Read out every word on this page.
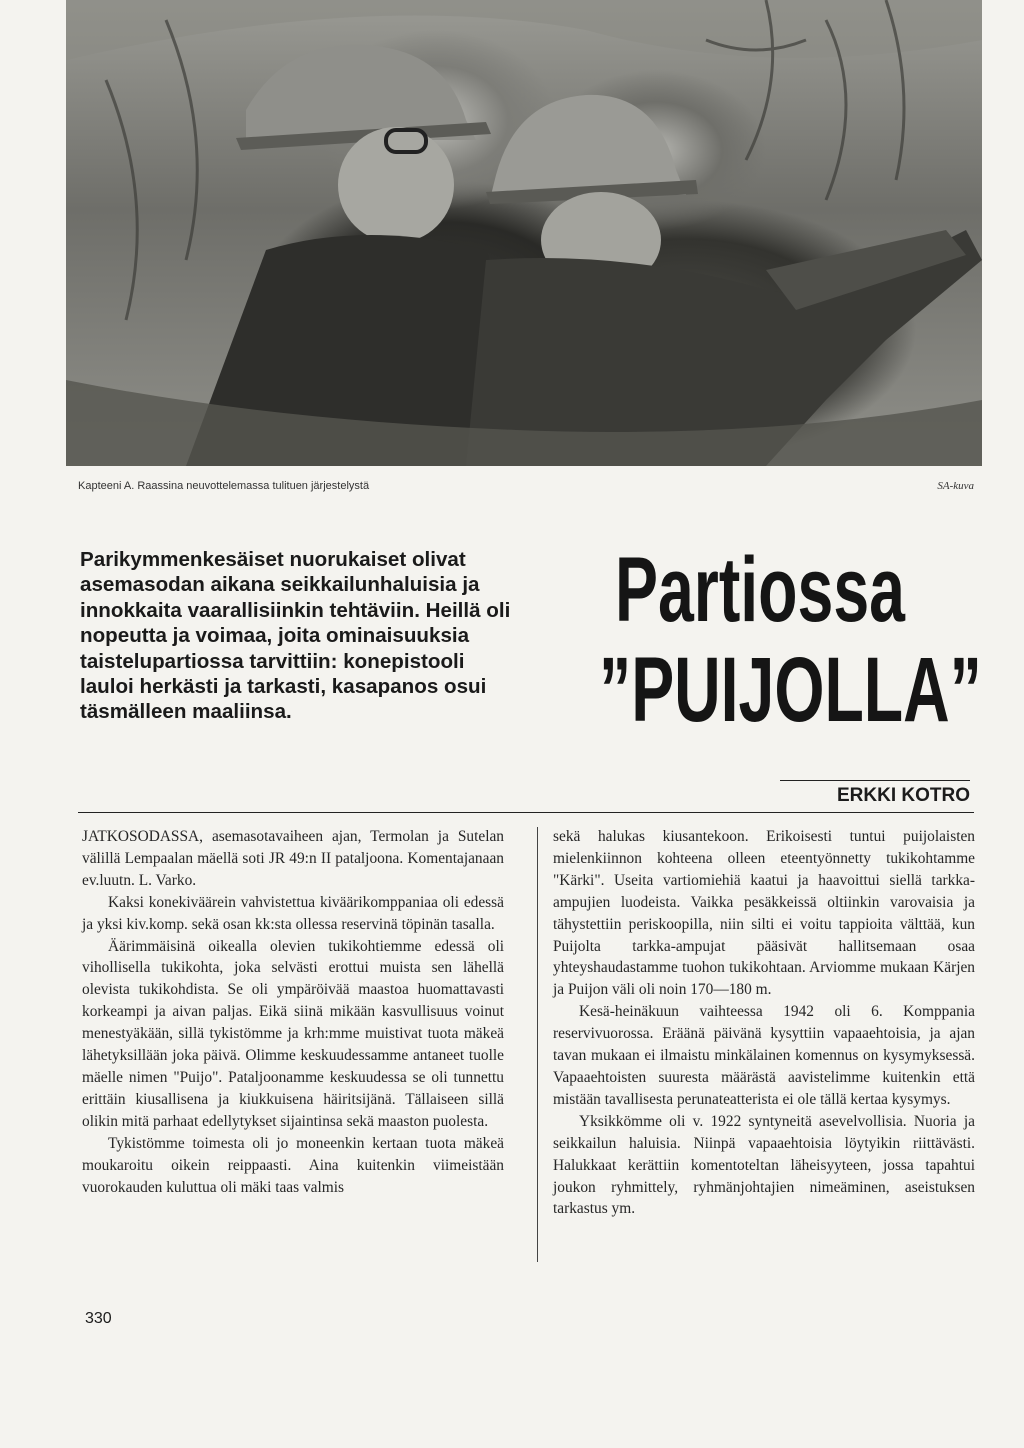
Kapteeni A. Raassina neuvottelemassa tulituen järjestelystä	SA-kuva
Parikymmenkesäiset nuorukaiset olivat asemasodan aikana seikkailunhaluisia ja innokkaita vaarallisiinkin tehtäviin. Heillä oli nopeutta ja voimaa, joita ominaisuuksia taistelupartiossa tarvittiin: konepistooli lauloi herkästi ja tarkasti, kasapanos osui täsmälleen maaliinsa.
Partiossa
”PUIJOLLA”
ERKKI KOTRO

JATKOSODASSA, asemasotavaiheen ajan, Termolan ja Sutelan välillä Lempaalan mäellä soti JR 49:n II pataljoona. Komentajanaan ev.luutn. L. Varko.

Kaksi konekiväärein vahvistettua kiväärikomppaniaa oli edessä ja yksi kiv.komp. sekä osan kk:sta ollessa reservinä töpinän tasalla.

Äärimmäisinä oikealla olevien tukikohtiemme edessä oli vihollisella tukikohta, joka selvästi erottui muista sen lähellä olevista tukikohdista. Se oli ympäröivää maastoa huomattavasti korkeampi ja aivan paljas. Eikä siinä mikään kasvullisuus voinut menestyäkään, sillä tykistömme ja krh:mme muistivat tuota mäkeä lähetyksillään joka päivä. Olimme keskuudessamme antaneet tuolle mäelle nimen "Puijo". Pataljoonamme keskuudessa se oli tunnettu erittäin kiusallisena ja kiukkuisena häiritsijänä. Tällaiseen sillä olikin mitä parhaat edellytykset sijaintinsa sekä maaston puolesta.

Tykistömme toimesta oli jo moneenkin kertaan tuota mäkeä moukaroitu oikein reippaasti. Aina kuitenkin viimeistään vuorokauden kuluttua oli mäki taas valmis

sekä halukas kiusantekoon. Erikoisesti tuntui puijolaisten mielenkiinnon kohteena olleen eteentyönnetty tukikohtamme "Kärki". Useita vartiomiehiä kaatui ja haavoittui siellä tarkka-ampujien luodeista. Vaikka pesäkkeissä oltiinkin varovaisia ja tähystettiin periskoopilla, niin silti ei voitu tappioita välttää, kun Puijolta tarkka-ampujat pääsivät hallitsemaan osaa yhteyshaudastamme tuohon tukikohtaan. Arviomme mukaan Kärjen ja Puijon väli oli noin 170—180 m.

Kesä-heinäkuun vaihteessa 1942 oli 6. Komppania reservivuorossa. Eräänä päivänä kysyttiin vapaaehtoisia, ja ajan tavan mukaan ei ilmaistu minkälainen komennus on kysymyksessä. Vapaaehtoisten suuresta määrästä aavistelimme kuitenkin että mistään tavallisesta perunateatterista ei ole tällä kertaa kysymys.

Yksikkömme oli v. 1922 syntyneitä asevelvollisia. Nuoria ja seikkailun haluisia. Niinpä vapaaehtoisia löytyikin riittävästi. Halukkaat kerättiin komentoteltan läheisyyteen, jossa tapahtui joukon ryhmittely, ryhmänjohtajien nimeäminen, aseistuksen tarkastus ym.

330
